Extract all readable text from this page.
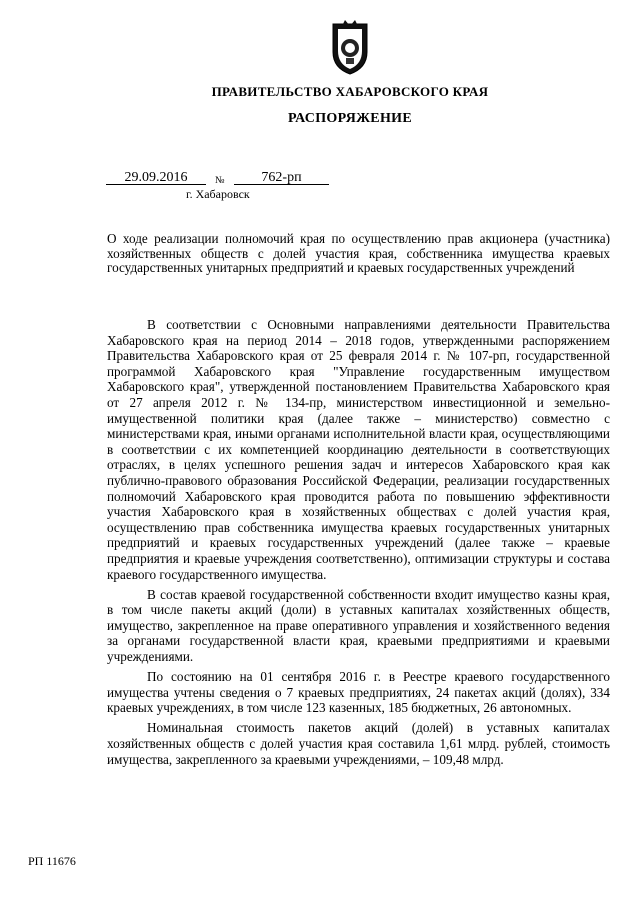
ПРАВИТЕЛЬСТВО ХАБАРОВСКОГО КРАЯ
РАСПОРЯЖЕНИЕ
29.09.2016	№	762-рп
г. Хабаровск
О ходе реализации полномочий края по осуществлению прав акционера (участника) хозяйственных обществ с долей участия края, собственника имущества краевых государственных унитарных предприятий и краевых государственных учреждений

В соответствии с Основными направлениями деятельности Правительства Хабаровского края на период 2014 – 2018 годов, утвержденными распоряжением Правительства Хабаровского края от 25 февраля 2014 г. № 107-рп, государственной программой Хабаровского края "Управление государственным имуществом Хабаровского края", утвержденной постановлением Правительства Хабаровского края от 27 апреля 2012 г. № 134-пр, министерством инвестиционной и земельно-имущественной политики края (далее также – министерство) совместно с министерствами края, иными органами исполнительной власти края, осуществляющими в соответствии с их компетенцией координацию деятельности в соответствующих отраслях, в целях успешного решения задач и интересов Хабаровского края как публично-правового образования Российской Федерации, реализации государственных полномочий Хабаровского края проводится работа по повышению эффективности участия Хабаровского края в хозяйственных обществах с долей участия края, осуществлению прав собственника имущества краевых государственных унитарных предприятий и краевых государственных учреждений (далее также – краевые предприятия и краевые учреждения соответственно), оптимизации структуры и состава краевого государственного имущества.

В состав краевой государственной собственности входит имущество казны края, в том числе пакеты акций (доли) в уставных капиталах хозяйственных обществ, имущество, закрепленное на праве оперативного управления и хозяйственного ведения за органами государственной власти края, краевыми предприятиями и краевыми учреждениями.

По состоянию на 01 сентября 2016 г. в Реестре краевого государственного имущества учтены сведения о 7 краевых предприятиях, 24 пакетах акций (долях), 334 краевых учреждениях, в том числе 123 казенных, 185 бюджетных, 26 автономных.

Номинальная стоимость пакетов акций (долей) в уставных капиталах хозяйственных обществ с долей участия края составила 1,61 млрд. рублей, стоимость имущества, закрепленного за краевыми учреждениями, – 109,48 млрд.

РП 11676
